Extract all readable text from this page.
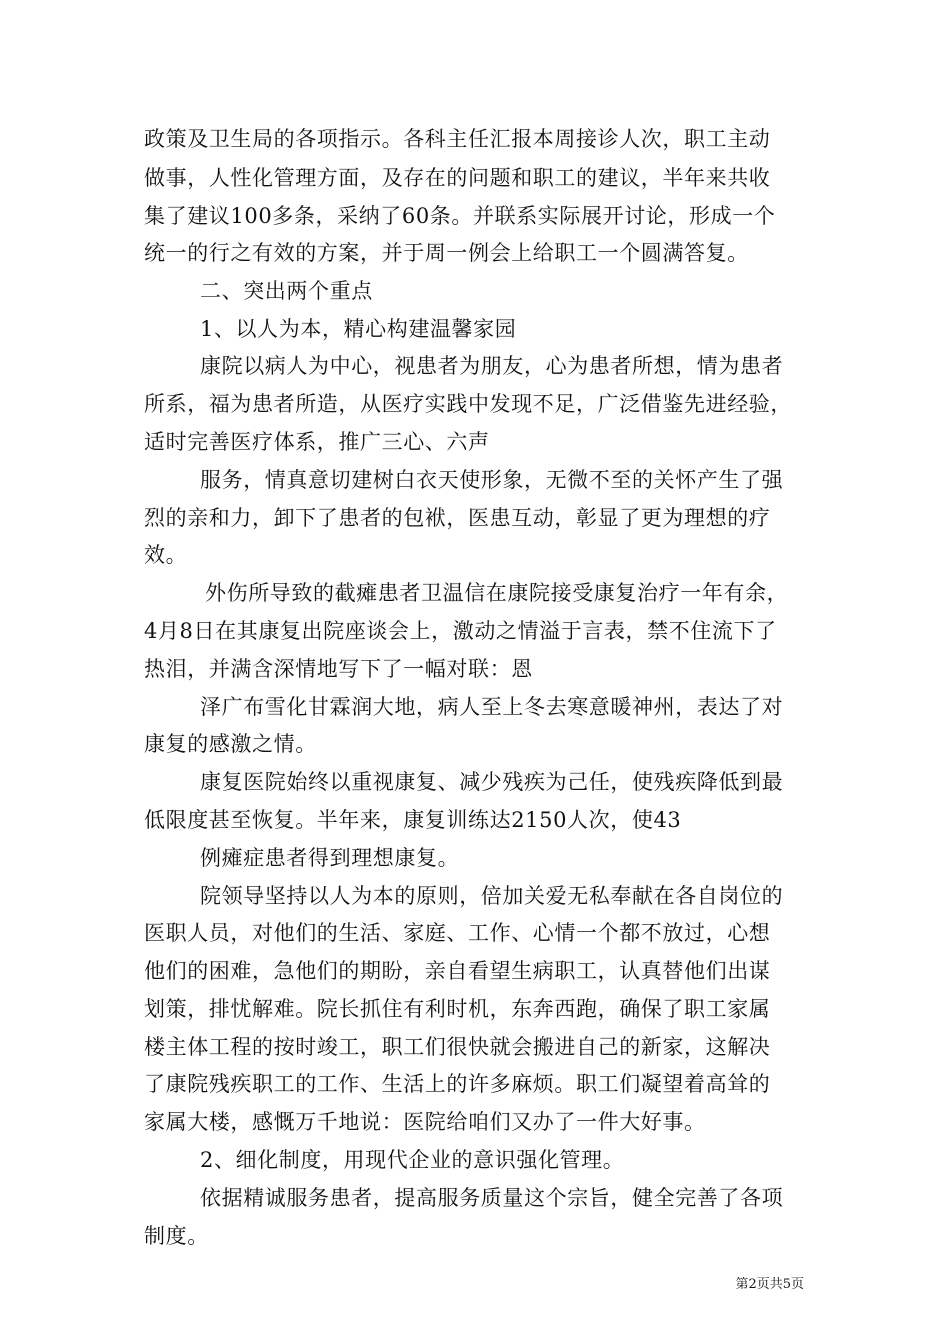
政策及卫生局的各项指示。各科主任汇报本周接诊人次，职工主动
做事，人性化管理方面，及存在的问题和职工的建议，半年来共收
集了建议100多条，采纳了60条。并联系实际展开讨论，形成一个
统一的行之有效的方案，并于周一例会上给职工一个圆满答复。
二、突出两个重点
1、以人为本，精心构建温馨家园
康院以病人为中心，视患者为朋友，心为患者所想，情为患者
所系，福为患者所造，从医疗实践中发现不足，广泛借鉴先进经验，
适时完善医疗体系，推广三心、六声
服务，情真意切建树白衣天使形象，无微不至的关怀产生了强
烈的亲和力，卸下了患者的包袱，医患互动，彰显了更为理想的疗
效。
外伤所导致的截瘫患者卫温信在康院接受康复治疗一年有余，
4月8日在其康复出院座谈会上，激动之情溢于言表，禁不住流下了
热泪，并满含深情地写下了一幅对联：恩
泽广布雪化甘霖润大地，病人至上冬去寒意暖神州，表达了对
康复的感激之情。
康复医院始终以重视康复、减少残疾为己任，使残疾降低到最
低限度甚至恢复。半年来，康复训练达2150人次，使43
例瘫症患者得到理想康复。
院领导坚持以人为本的原则，倍加关爱无私奉献在各自岗位的
医职人员，对他们的生活、家庭、工作、心情一个都不放过，心想
他们的困难，急他们的期盼，亲自看望生病职工，认真替他们出谋
划策，排忧解难。院长抓住有利时机，东奔西跑，确保了职工家属
楼主体工程的按时竣工，职工们很快就会搬进自己的新家，这解决
了康院残疾职工的工作、生活上的许多麻烦。职工们凝望着高耸的
家属大楼，感慨万千地说：医院给咱们又办了一件大好事。
2、细化制度，用现代企业的意识强化管理。
依据精诚服务患者，提高服务质量这个宗旨，健全完善了各项
制度。
第2页共5页
